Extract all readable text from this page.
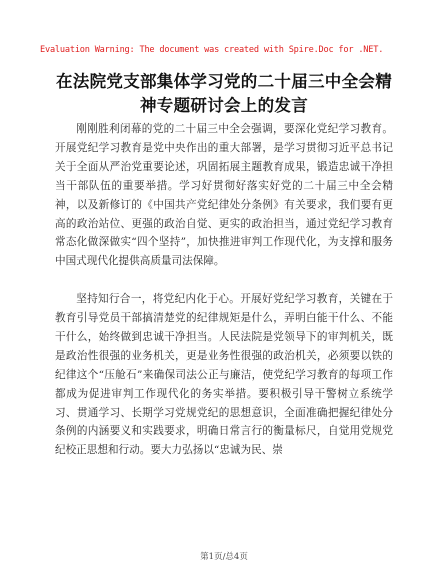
Evaluation Warning: The document was created with Spire.Doc for .NET.
在法院党支部集体学习党的二十届三中全会精神专题研讨会上的发言

刚刚胜利闭幕的党的二十届三中全会强调，要深化党纪学习教育。开展党纪学习教育是党中央作出的重大部署，是学习贯彻习近平总书记关于全面从严治党重要论述，巩固拓展主题教育成果，锻造忠诚干净担当干部队伍的重要举措。学习好贯彻好落实好党的二十届三中全会精神，以及新修订的《中国共产党纪律处分条例》有关要求，我们要有更高的政治站位、更强的政治自觉、更实的政治担当，通过党纪学习教育常态化做深做实“四个坚持”，加快推进审判工作现代化，为支撑和服务中国式现代化提供高质量司法保障。

坚持知行合一，将党纪内化于心。开展好党纪学习教育，关键在于教育引导党员干部搞清楚党的纪律规矩是什么，弄明白能干什么、不能干什么，始终做到忠诚干净担当。人民法院是党领导下的审判机关，既是政治性很强的业务机关，更是业务性很强的政治机关，必须要以铁的纪律这个“压舱石”来确保司法公正与廉洁，使党纪学习教育的每项工作都成为促进审判工作现代化的务实举措。要积极引导干警树立系统学习、贯通学习、长期学习党规党纪的思想意识，全面准确把握纪律处分条例的内涵要义和实践要求，明确日常言行的衡量标尺，自觉用党规党纪校正思想和行动。要大力弘扬以“忠诚为民、崇

第1页/总4页
